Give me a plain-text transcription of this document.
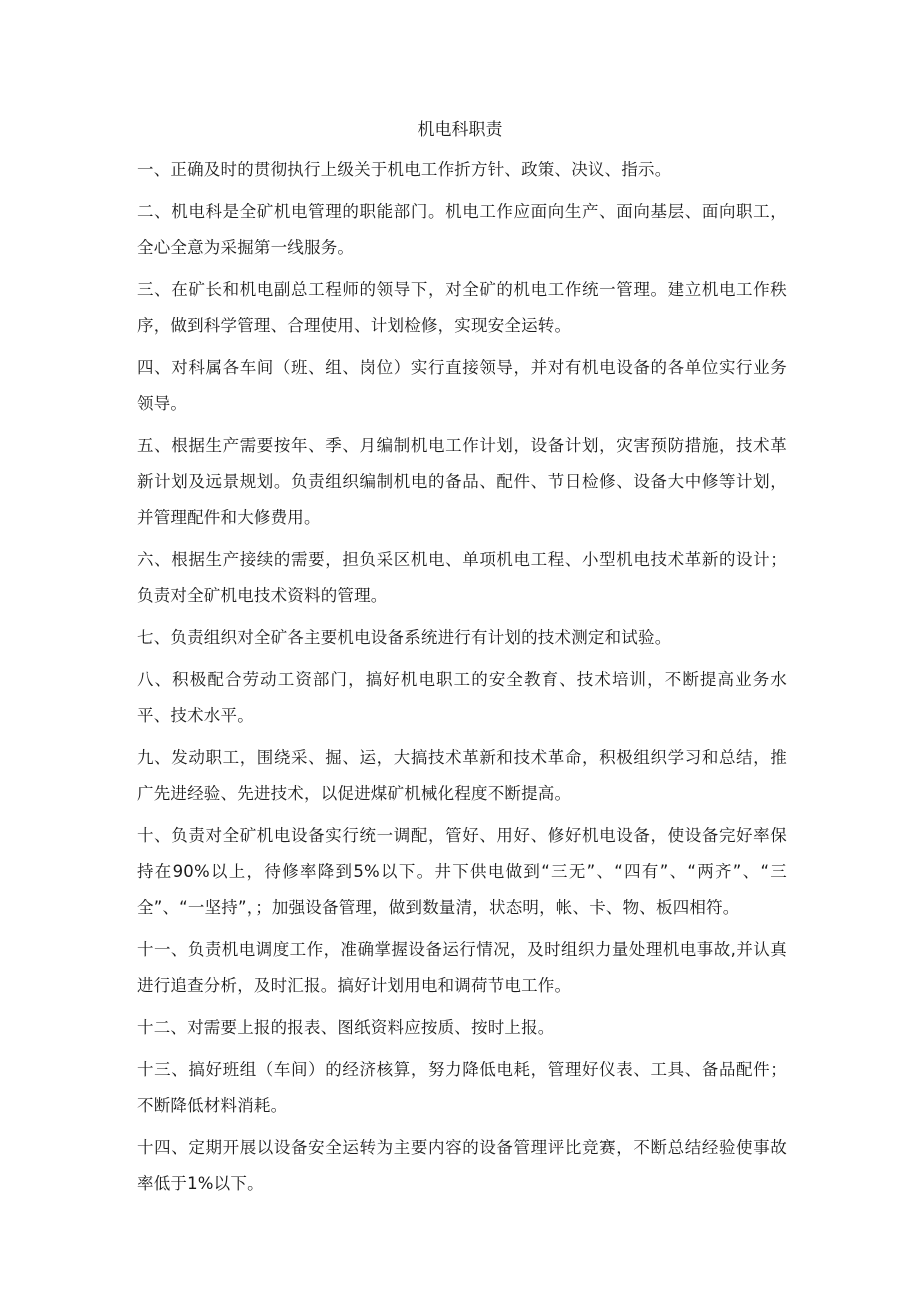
机电科职责

一、正确及时的贯彻执行上级关于机电工作折方针、政策、决议、指示。

二、机电科是全矿机电管理的职能部门。机电工作应面向生产、面向基层、面向职工，全心全意为采掘第一线服务。

三、在矿长和机电副总工程师的领导下，对全矿的机电工作统一管理。建立机电工作秩序，做到科学管理、合理使用、计划检修，实现安全运转。

四、对科属各车间（班、组、岗位）实行直接领导，并对有机电设备的各单位实行业务领导。

五、根据生产需要按年、季、月编制机电工作计划，设备计划，灾害预防措施，技术革新计划及远景规划。负责组织编制机电的备品、配件、节日检修、设备大中修等计划，并管理配件和大修费用。

六、根据生产接续的需要，担负采区机电、单项机电工程、小型机电技术革新的设计；负责对全矿机电技术资料的管理。

七、负责组织对全矿各主要机电设备系统进行有计划的技术测定和试验。

八、积极配合劳动工资部门，搞好机电职工的安全教育、技术培训，不断提高业务水平、技术水平。

九、发动职工，围绕采、掘、运，大搞技术革新和技术革命，积极组织学习和总结，推广先进经验、先进技术，以促进煤矿机械化程度不断提高。

十、负责对全矿机电设备实行统一调配，管好、用好、修好机电设备，使设备完好率保持在90%以上，待修率降到5%以下。井下供电做到“三无”、“四有”、“两齐”、“三全”、“一坚持”，；加强设备管理，做到数量清，状态明，帐、卡、物、板四相符。

十一、负责机电调度工作，准确掌握设备运行情况，及时组织力量处理机电事故,并认真进行追查分析，及时汇报。搞好计划用电和调荷节电工作。

十二、对需要上报的报表、图纸资料应按质、按时上报。

十三、搞好班组（车间）的经济核算，努力降低电耗，管理好仪表、工具、备品配件；不断降低材料消耗。

十四、定期开展以设备安全运转为主要内容的设备管理评比竞赛，不断总结经验使事故率低于1%以下。
